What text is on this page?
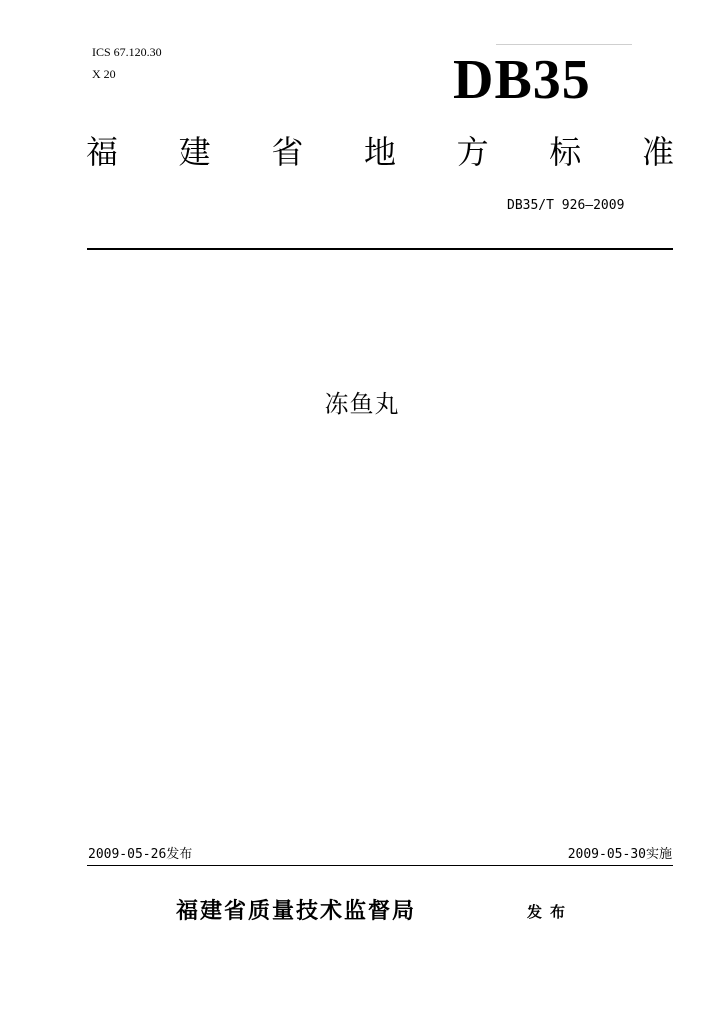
ICS 67.120.30
X 20	DB35
福 建 省 地 方 标 准
DB35/T 926—2009
冻鱼丸
2009-05-26发布	2009-05-30实施
福建省质量技术监督局	发布
